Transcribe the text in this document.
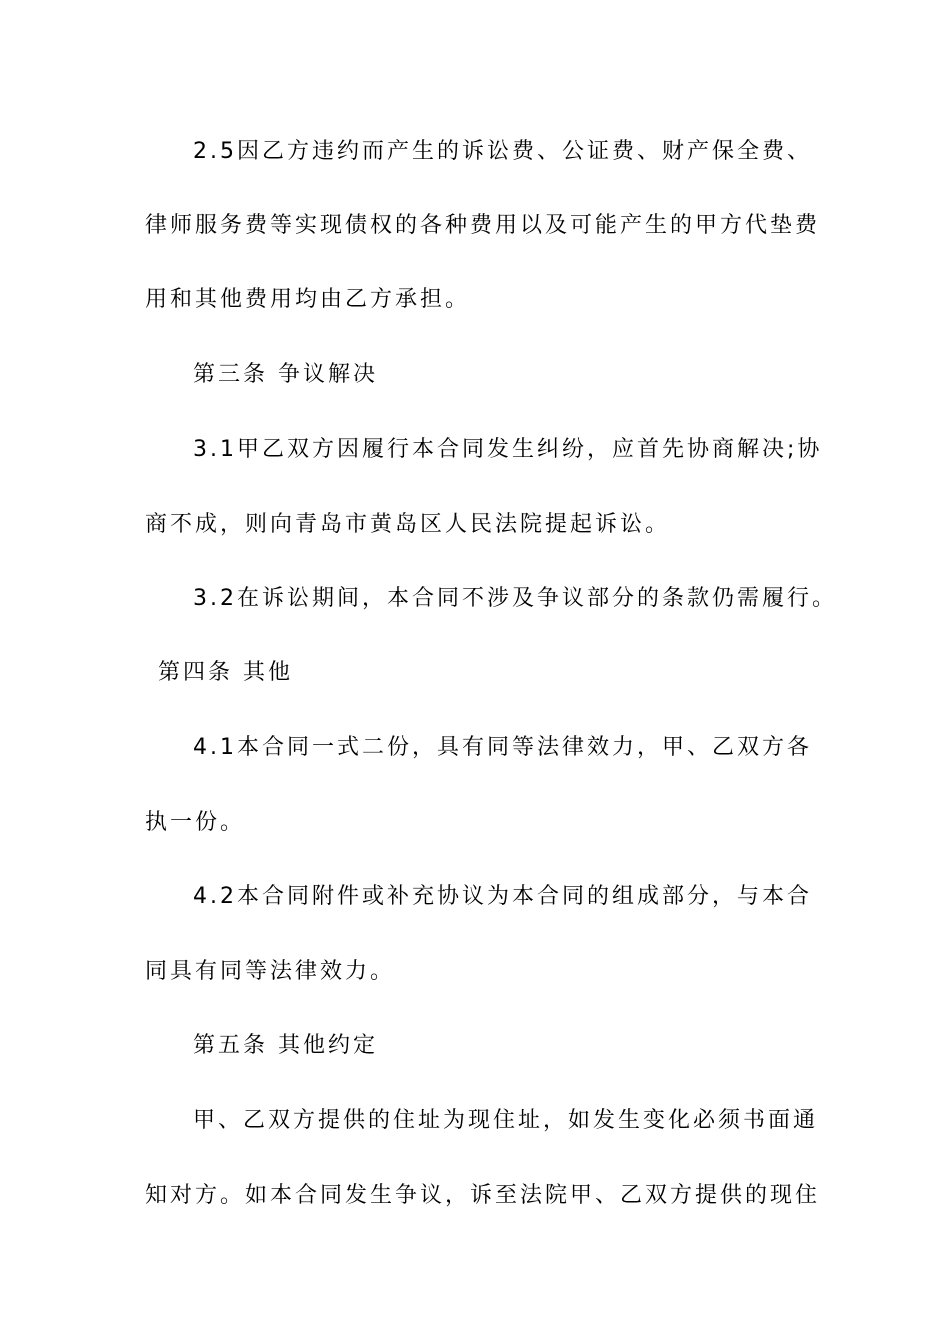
2.5因乙方违约而产生的诉讼费、公证费、财产保全费、
律师服务费等实现债权的各种费用以及可能产生的甲方代垫费
用和其他费用均由乙方承担。
第三条 争议解决
3.1甲乙双方因履行本合同发生纠纷，应首先协商解决;协
商不成，则向青岛市黄岛区人民法院提起诉讼。
3.2在诉讼期间，本合同不涉及争议部分的条款仍需履行。
第四条 其他
4.1本合同一式二份，具有同等法律效力，甲、乙双方各
执一份。
4.2本合同附件或补充协议为本合同的组成部分，与本合
同具有同等法律效力。
第五条 其他约定
甲、乙双方提供的住址为现住址，如发生变化必须书面通
知对方。如本合同发生争议，诉至法院甲、乙双方提供的现住
